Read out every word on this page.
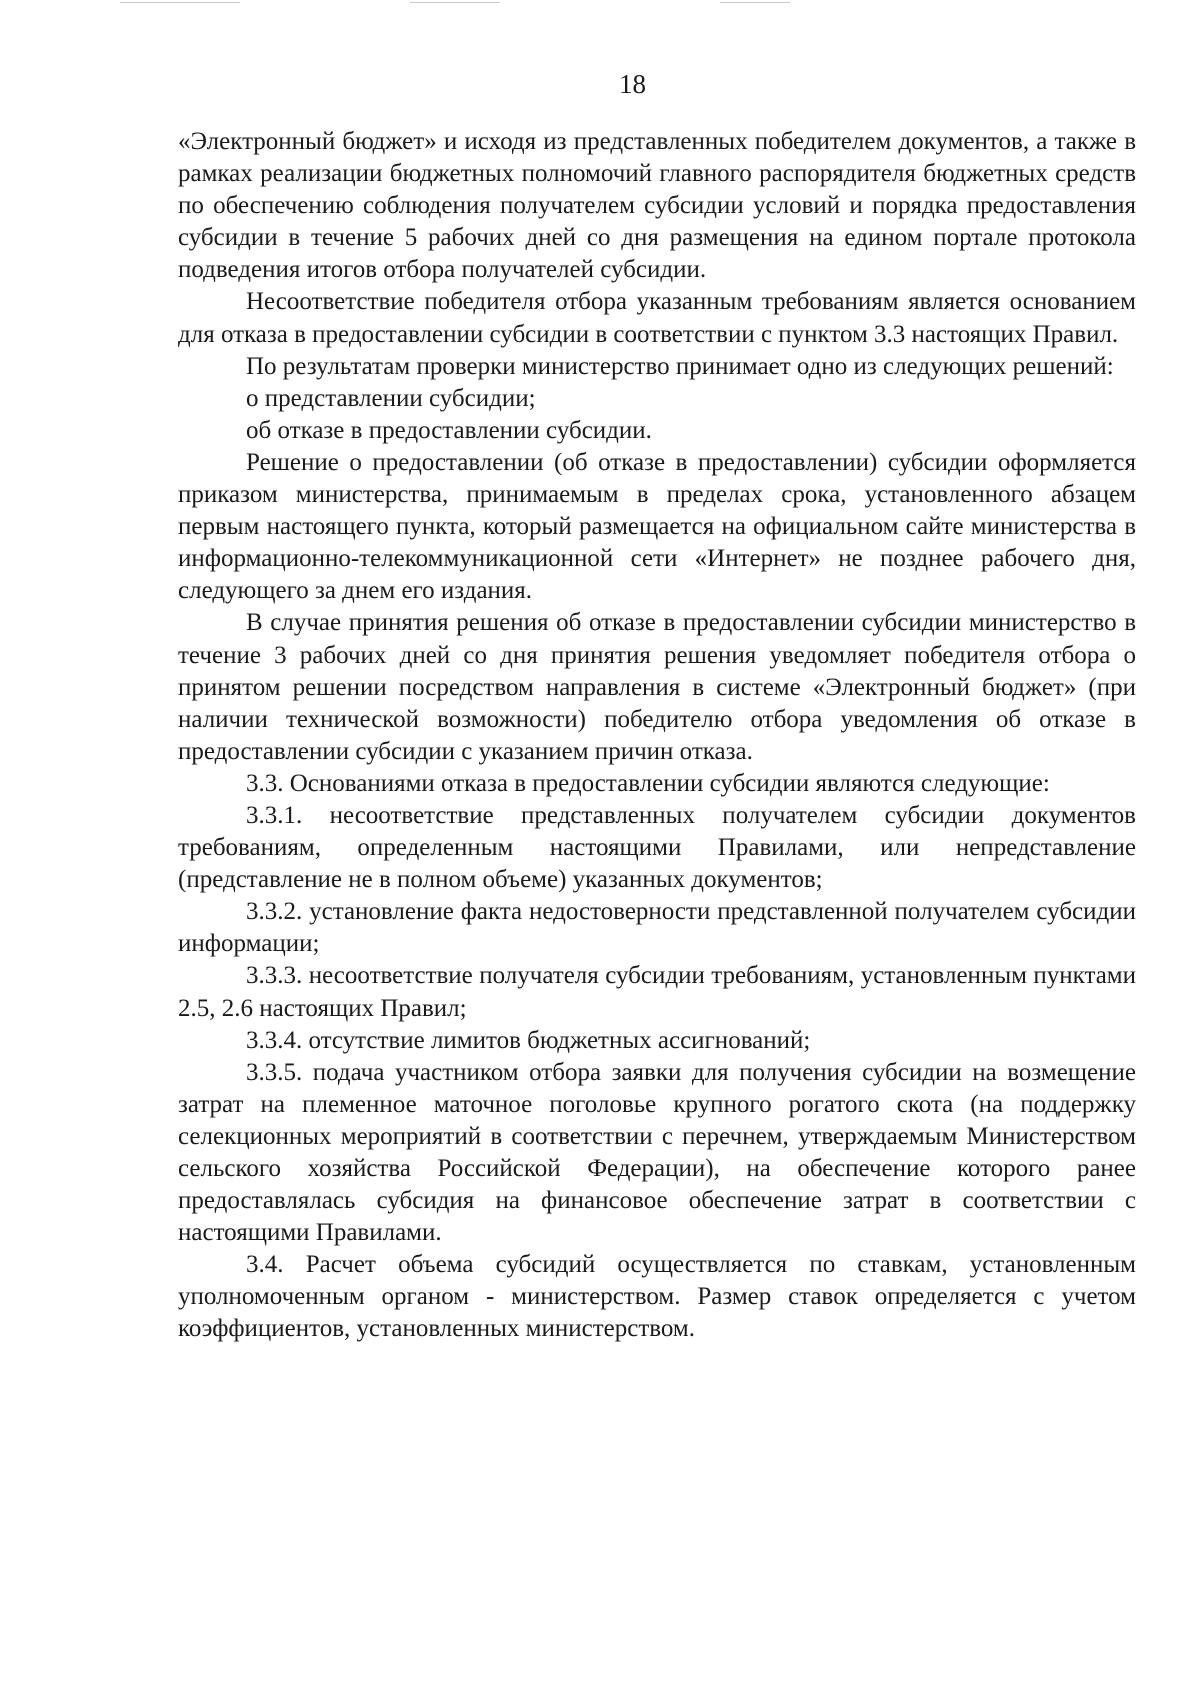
18

«Электронный бюджет» и исходя из представленных победителем документов, а также в рамках реализации бюджетных полномочий главного распорядителя бюджетных средств по обеспечению соблюдения получателем субсидии условий и порядка предоставления субсидии в течение 5 рабочих дней со дня размещения на едином портале протокола подведения итогов отбора получателей субсидии.

Несоответствие победителя отбора указанным требованиям является основанием для отказа в предоставлении субсидии в соответствии с пунктом 3.3 настоящих Правил.

По результатам проверки министерство принимает одно из следующих решений:

о представлении субсидии;

об отказе в предоставлении субсидии.

Решение о предоставлении (об отказе в предоставлении) субсидии оформляется приказом министерства, принимаемым в пределах срока, установленного абзацем первым настоящего пункта, который размещается на официальном сайте министерства в информационно-телекоммуникационной сети «Интернет» не позднее рабочего дня, следующего за днем его издания.

В случае принятия решения об отказе в предоставлении субсидии министерство в течение 3 рабочих дней со дня принятия решения уведомляет победителя отбора о принятом решении посредством направления в системе «Электронный бюджет» (при наличии технической возможности) победителю отбора уведомления об отказе в предоставлении субсидии с указанием причин отказа.

3.3. Основаниями отказа в предоставлении субсидии являются следующие:

3.3.1. несоответствие представленных получателем субсидии документов требованиям, определенным настоящими Правилами, или непредставление (представление не в полном объеме) указанных документов;

3.3.2. установление факта недостоверности представленной получателем субсидии информации;

3.3.3. несоответствие получателя субсидии требованиям, установленным пунктами 2.5, 2.6 настоящих Правил;

3.3.4. отсутствие лимитов бюджетных ассигнований;

3.3.5. подача участником отбора заявки для получения субсидии на возмещение затрат на племенное маточное поголовье крупного рогатого скота (на поддержку селекционных мероприятий в соответствии с перечнем, утверждаемым Министерством сельского хозяйства Российской Федерации), на обеспечение которого ранее предоставлялась субсидия на финансовое обеспечение затрат в соответствии с настоящими Правилами.

3.4. Расчет объема субсидий осуществляется по ставкам, установленным уполномоченным органом - министерством. Размер ставок определяется с учетом коэффициентов, установленных министерством.
